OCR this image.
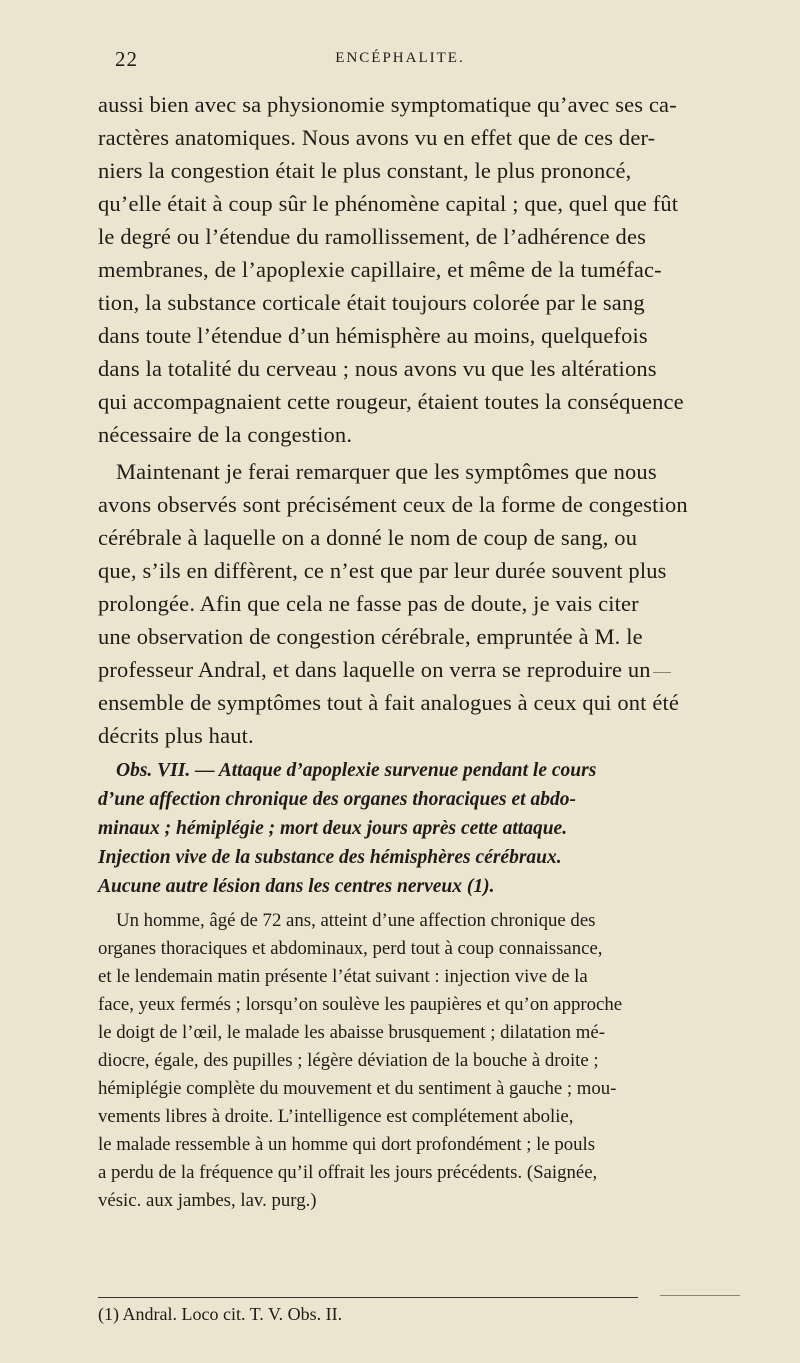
22	ENCÉPHALITE.
aussi bien avec sa physionomie symptomatique qu’avec ses ca-
ractères anatomiques. Nous avons vu en effet que de ces der-
niers la congestion était le plus constant, le plus prononcé,
qu’elle était à coup sûr le phénomène capital ; que, quel que fût
le degré ou l’étendue du ramollissement, de l’adhérence des
membranes, de l’apoplexie capillaire, et même de la tuméfac-
tion, la substance corticale était toujours colorée par le sang
dans toute l’étendue d’un hémisphère au moins, quelquefois
dans la totalité du cerveau ; nous avons vu que les altérations
qui accompagnaient cette rougeur, étaient toutes la conséquence
nécessaire de la congestion.
Maintenant je ferai remarquer que les symptômes que nous
avons observés sont précisément ceux de la forme de congestion
cérébrale à laquelle on a donné le nom de coup de sang, ou
que, s’ils en diffèrent, ce n’est que par leur durée souvent plus
prolongée. Afin que cela ne fasse pas de doute, je vais citer
une observation de congestion cérébrale, empruntée à M. le
professeur Andral, et dans laquelle on verra se reproduire un
ensemble de symptômes tout à fait analogues à ceux qui ont été
décrits plus haut.
Obs. VII. — Attaque d’apoplexie survenue pendant le cours
d’une affection chronique des organes thoraciques et abdo-
minaux ; hémiplégie ; mort deux jours après cette attaque.
Injection vive de la substance des hémisphères cérébraux.
Aucune autre lésion dans les centres nerveux (1).
Un homme, âgé de 72 ans, atteint d’une affection chronique des
organes thoraciques et abdominaux, perd tout à coup connaissance,
et le lendemain matin présente l’état suivant : injection vive de la
face, yeux fermés ; lorsqu’on soulève les paupières et qu’on approche
le doigt de l’œil, le malade les abaisse brusquement ; dilatation mé-
diocre, égale, des pupilles ; légère déviation de la bouche à droite ;
hémiplégie complète du mouvement et du sentiment à gauche ; mou-
vements libres à droite. L’intelligence est complétement abolie,
le malade ressemble à un homme qui dort profondément ; le pouls
a perdu de la fréquence qu’il offrait les jours précédents. (Saignée,
vésic. aux jambes, lav. purg.)
(1) Andral. Loco cit. T. V. Obs. II.
